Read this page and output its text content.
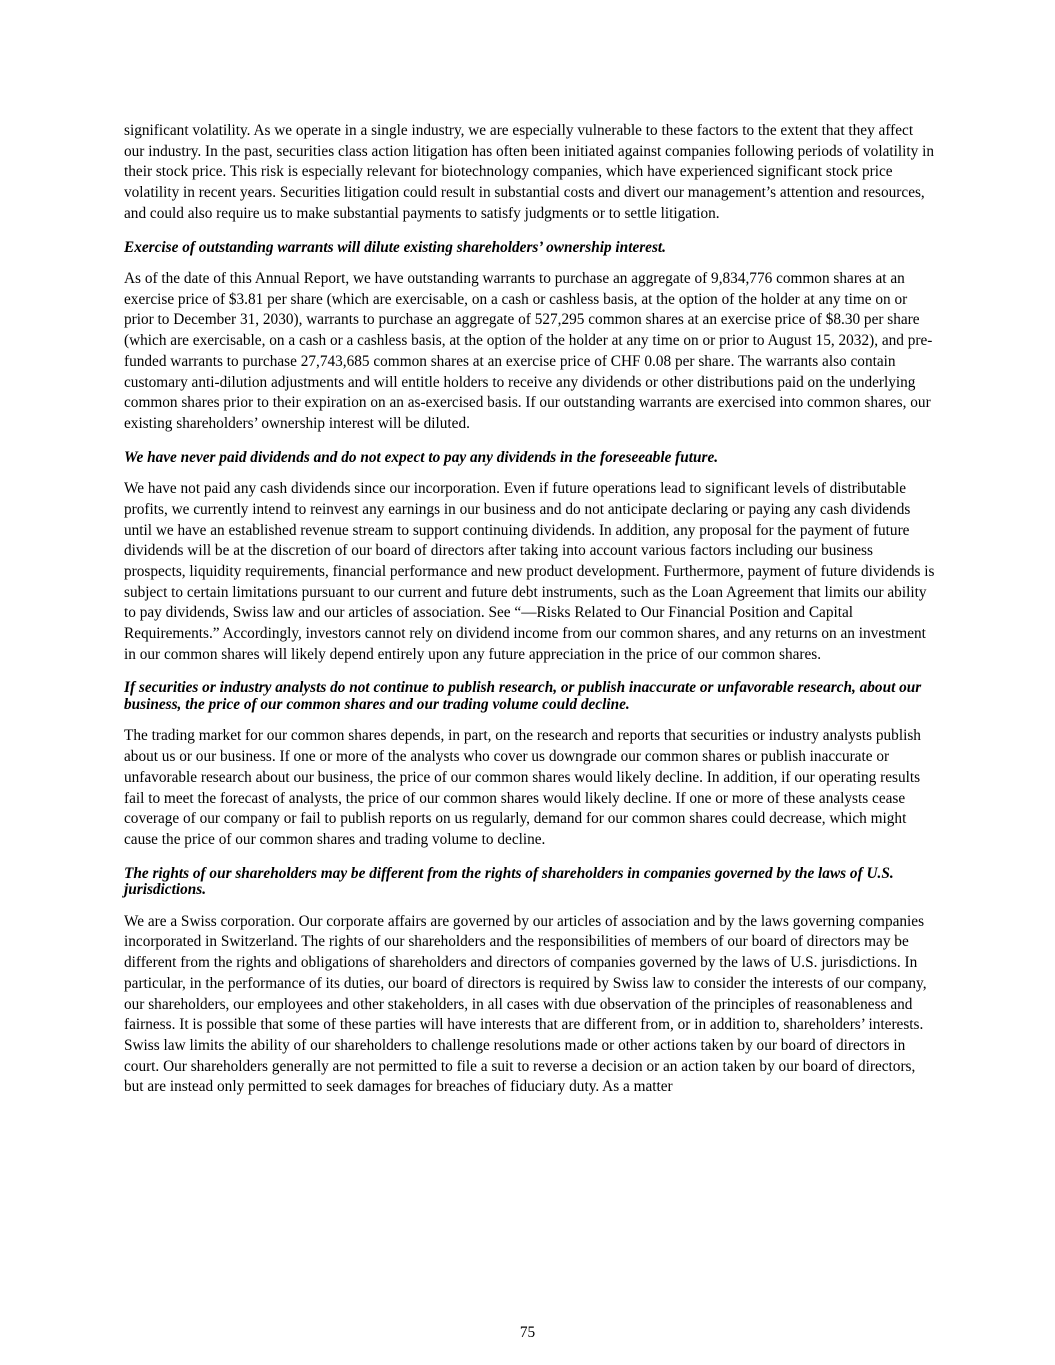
significant volatility. As we operate in a single industry, we are especially vulnerable to these factors to the extent that they affect our industry. In the past, securities class action litigation has often been initiated against companies following periods of volatility in their stock price. This risk is especially relevant for biotechnology companies, which have experienced significant stock price volatility in recent years. Securities litigation could result in substantial costs and divert our management’s attention and resources, and could also require us to make substantial payments to satisfy judgments or to settle litigation.

Exercise of outstanding warrants will dilute existing shareholders’ ownership interest.

As of the date of this Annual Report, we have outstanding warrants to purchase an aggregate of 9,834,776 common shares at an exercise price of $3.81 per share (which are exercisable, on a cash or cashless basis, at the option of the holder at any time on or prior to December 31, 2030), warrants to purchase an aggregate of 527,295 common shares at an exercise price of $8.30 per share (which are exercisable, on a cash or a cashless basis, at the option of the holder at any time on or prior to August 15, 2032), and pre-funded warrants to purchase 27,743,685 common shares at an exercise price of CHF 0.08 per share. The warrants also contain customary anti-dilution adjustments and will entitle holders to receive any dividends or other distributions paid on the underlying common shares prior to their expiration on an as-exercised basis. If our outstanding warrants are exercised into common shares, our existing shareholders’ ownership interest will be diluted.

We have never paid dividends and do not expect to pay any dividends in the foreseeable future.

We have not paid any cash dividends since our incorporation. Even if future operations lead to significant levels of distributable profits, we currently intend to reinvest any earnings in our business and do not anticipate declaring or paying any cash dividends until we have an established revenue stream to support continuing dividends. In addition, any proposal for the payment of future dividends will be at the discretion of our board of directors after taking into account various factors including our business prospects, liquidity requirements, financial performance and new product development. Furthermore, payment of future dividends is subject to certain limitations pursuant to our current and future debt instruments, such as the Loan Agreement that limits our ability to pay dividends, Swiss law and our articles of association. See “—Risks Related to Our Financial Position and Capital Requirements.” Accordingly, investors cannot rely on dividend income from our common shares, and any returns on an investment in our common shares will likely depend entirely upon any future appreciation in the price of our common shares.

If securities or industry analysts do not continue to publish research, or publish inaccurate or unfavorable research, about our business, the price of our common shares and our trading volume could decline.

The trading market for our common shares depends, in part, on the research and reports that securities or industry analysts publish about us or our business. If one or more of the analysts who cover us downgrade our common shares or publish inaccurate or unfavorable research about our business, the price of our common shares would likely decline. In addition, if our operating results fail to meet the forecast of analysts, the price of our common shares would likely decline. If one or more of these analysts cease coverage of our company or fail to publish reports on us regularly, demand for our common shares could decrease, which might cause the price of our common shares and trading volume to decline.

The rights of our shareholders may be different from the rights of shareholders in companies governed by the laws of U.S. jurisdictions.

We are a Swiss corporation. Our corporate affairs are governed by our articles of association and by the laws governing companies incorporated in Switzerland. The rights of our shareholders and the responsibilities of members of our board of directors may be different from the rights and obligations of shareholders and directors of companies governed by the laws of U.S. jurisdictions. In particular, in the performance of its duties, our board of directors is required by Swiss law to consider the interests of our company, our shareholders, our employees and other stakeholders, in all cases with due observation of the principles of reasonableness and fairness. It is possible that some of these parties will have interests that are different from, or in addition to, shareholders’ interests. Swiss law limits the ability of our shareholders to challenge resolutions made or other actions taken by our board of directors in court. Our shareholders generally are not permitted to file a suit to reverse a decision or an action taken by our board of directors, but are instead only permitted to seek damages for breaches of fiduciary duty. As a matter

75
